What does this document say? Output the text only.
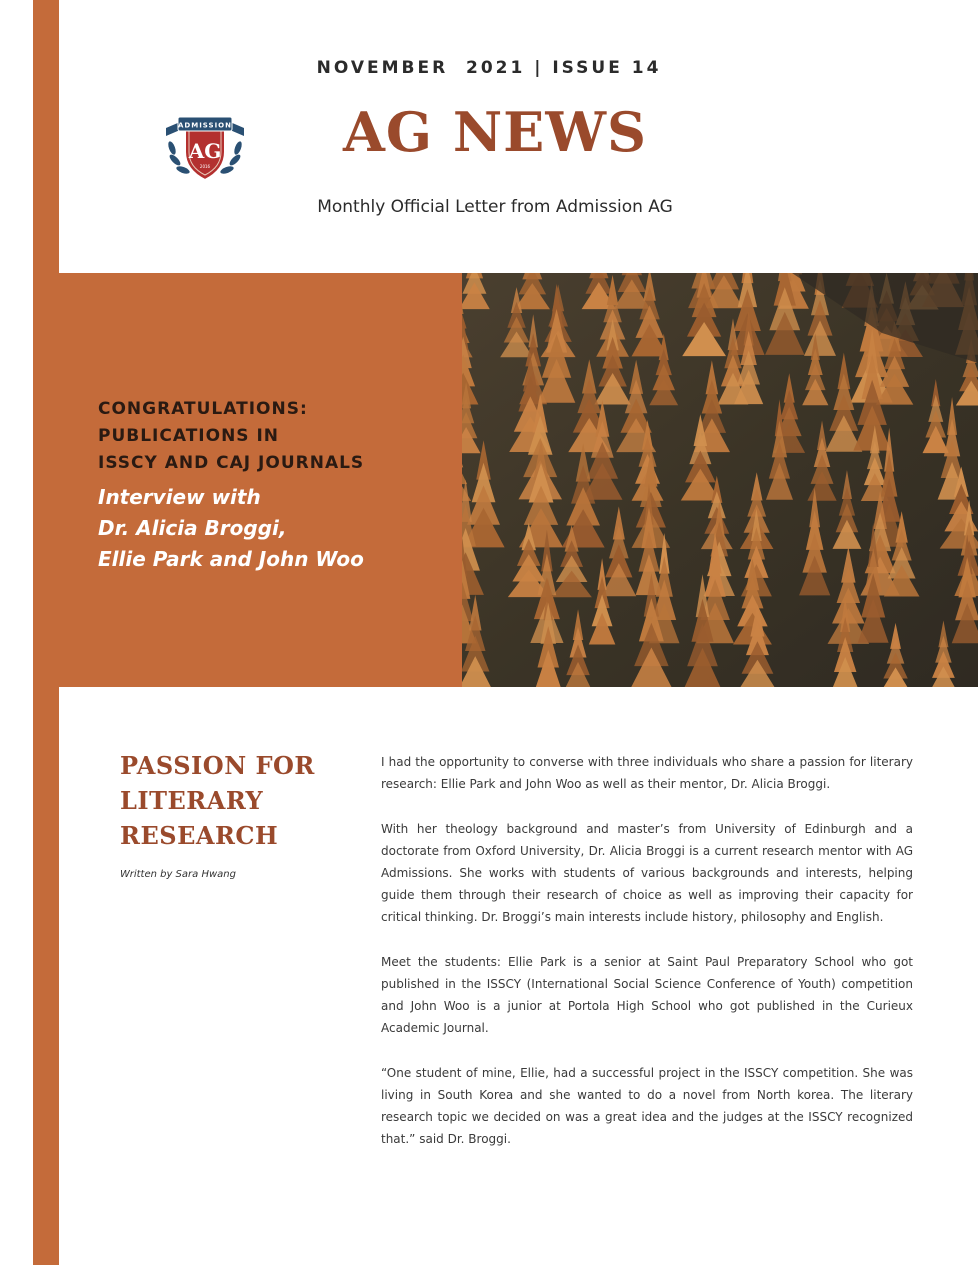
NOVEMBER  2021 | ISSUE 14
ADMISSION
AG
2016
AG NEWS
Monthly Official Letter from Admission AG
CONGRATULATIONS:
PUBLICATIONS IN
ISSCY AND CAJ JOURNALS
Interview with
Dr. Alicia Broggi,
Ellie Park and John Woo
PASSION FOR
LITERARY
RESEARCH
Written by Sara Hwang

I had the opportunity to converse with three individuals who share a passion for literary research: Ellie Park and John Woo as well as their mentor, Dr. Alicia Broggi.

With her theology background and master’s from University of Edinburgh and a doctorate from Oxford University, Dr. Alicia Broggi is a current research mentor with AG Admissions. She works with students of various backgrounds and interests, helping guide them through their research of choice as well as improving their capacity for critical thinking. Dr. Broggi’s main interests include history, philosophy and English.

Meet the students: Ellie Park is a senior at Saint Paul Preparatory School who got published in the ISSCY (International Social Science Conference of Youth) competition and John Woo is a junior at Portola High School who got published in the Curieux Academic Journal.

“One student of mine, Ellie, had a successful project in the ISSCY competition. She was living in South Korea and she wanted to do a novel from North korea. The literary research topic we decided on was a great idea and the judges at the ISSCY recognized that.” said Dr. Broggi.
